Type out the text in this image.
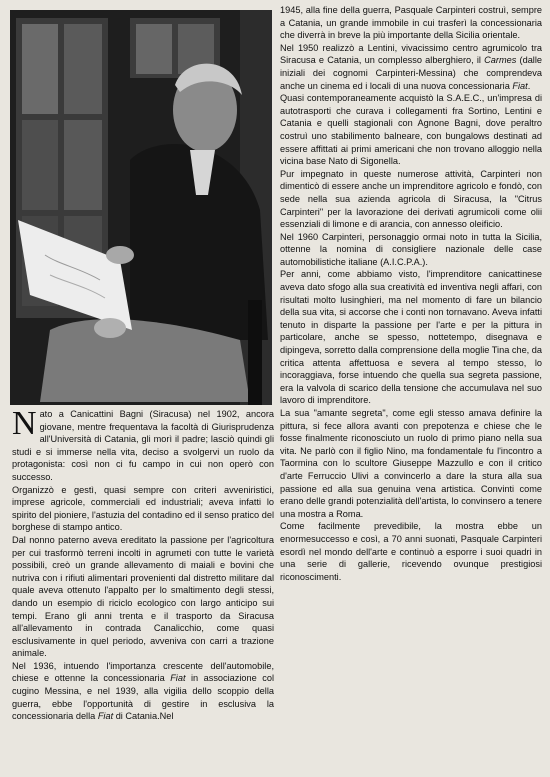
Nato a Canicattini Bagni (Siracusa) nel 1902, ancora giovane, mentre frequentava la facoltà di Giurisprudenza all'Università di Catania, gli morì il padre; lasciò quindi gli studi e si immerse nella vita, deciso a svolgervi un ruolo da protagonista: così non ci fu campo in cui non operò con successo.

Organizzò e gestì, quasi sempre con criteri avveniristici, imprese agricole, commerciali ed industriali; aveva infatti lo spirito del pioniere, l'astuzia del contadino ed il senso pratico del borghese di stampo antico.

Dal nonno paterno aveva ereditato la passione per l'agricoltura per cui trasformò terreni incolti in agrumeti con tutte le varietà possibili, creò un grande allevamento di maiali e bovini che nutriva con i rifiuti alimentari provenienti dal distretto militare dal quale aveva ottenuto l'appalto per lo smaltimento degli stessi, dando un esempio di riciclo ecologico con largo anticipo sui tempi. Erano gli anni trenta e il trasporto da Siracusa all'allevamento in contrada Canalicchio, come quasi esclusivamente in quel periodo, avveniva con carri a trazione animale.

Nel 1936, intuendo l'importanza crescente dell'automobile, chiese e ottenne la concessionaria Fiat in associazione col cugino Messina, e nel 1939, alla vigilia dello scoppio della guerra, ebbe l'opportunità di gestire in esclusiva la concessionaria della Fiat di Catania.Nel

1945, alla fine della guerra, Pasquale Carpinteri costruì, sempre a Catania, un grande immobile in cui trasferì la concessionaria che diverrà in breve la più importante della Sicilia orientale.

Nel 1950 realizzò a Lentini, vivacissimo centro agrumicolo tra Siracusa e Catania, un complesso alberghiero, il Carmes (dalle iniziali dei cognomi Carpinteri-Messina) che comprendeva anche un cinema ed i locali di una nuova concessionaria Fiat.

Quasi contemporaneamente acquistò la S.A.E.C., un'impresa di autotrasporti che curava i collegamenti fra Sortino, Lentini e Catania e quelli stagionali con Agnone Bagni, dove peraltro costruì uno stabilimento balneare, con bungalows destinati ad essere affittati ai primi americani che non trovano alloggio nella vicina base Nato di Sigonella.

Pur impegnato in queste numerose attività, Carpinteri non dimenticò di essere anche un imprenditore agricolo e fondò, con sede nella sua azienda agricola di Siracusa, la "Citrus Carpinteri" per la lavorazione dei derivati agrumicoli come olii essenziali di limone e di arancia, con annesso oleificio.

Nel 1960 Carpinteri, personaggio ormai noto in tutta la Sicilia, ottenne la nomina di consigliere nazionale delle case automobilistiche italiane (A.I.C.P.A.).

Per anni, come abbiamo visto, l'imprenditore canicattinese aveva dato sfogo alla sua creatività ed inventiva negli affari, con risultati molto lusinghieri, ma nel momento di fare un bilancio della sua vita, si accorse che i conti non tornavano. Aveva infatti tenuto in disparte la passione per l'arte e per la pittura in particolare, anche se spesso, nottetempo, disegnava e dipingeva, sorretto dalla comprensione della moglie Tina che, da critica attenta affettuosa e severa al tempo stesso, lo incoraggiava, forse intuendo che quella sua segreta passione, era la valvola di scarico della tensione che accumulava nel suo lavoro di imprenditore.

La sua "amante segreta", come egli stesso amava definire la pittura, si fece allora avanti con prepotenza e chiese che le fosse finalmente riconosciuto un ruolo di primo piano nella sua vita. Ne parlò con il figlio Nino, ma fondamentale fu l'incontro a Taormina con lo scultore Giuseppe Mazzullo e con il critico d'arte Ferruccio Ulivi a convincerlo a dare la stura alla sua passione ed alla sua genuina vena artistica. Convinti come erano delle grandi potenzialità dell'artista, lo convinsero a tenere una mostra a Roma.

Come facilmente prevedibile, la mostra ebbe un enormesuccesso e così, a 70 anni suonati, Pasquale Carpinteri esordì nel mondo dell'arte e continuò a esporre i suoi quadri in una serie di gallerie, ricevendo ovunque prestigiosi riconoscimenti.
